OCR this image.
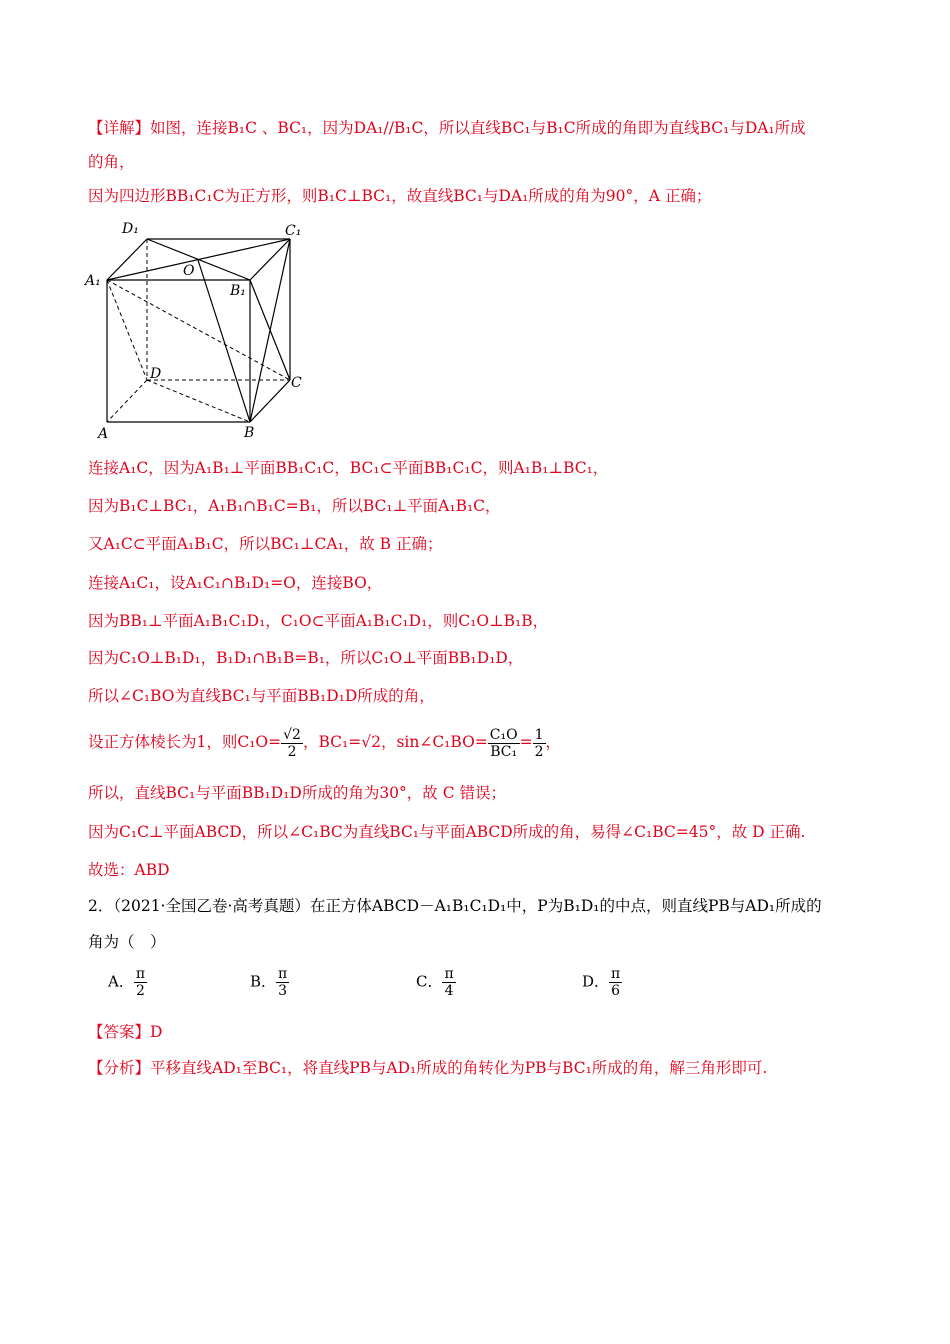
【详解】如图，连接B₁C 、BC₁，因为DA₁//B₁C，所以直线BC₁与B₁C所成的角即为直线BC₁与DA₁所成
的角，
因为四边形BB₁C₁C为正方形，则B₁C⊥BC₁，故直线BC₁与DA₁所成的角为90°，A 正确；
D₁	C₁
O
A₁
B₁
D
C
A	B
连接A₁C，因为A₁B₁⊥平面BB₁C₁C，BC₁⊂平面BB₁C₁C，则A₁B₁⊥BC₁，
因为B₁C⊥BC₁，A₁B₁∩B₁C=B₁，所以BC₁⊥平面A₁B₁C，
又A₁C⊂平面A₁B₁C，所以BC₁⊥CA₁，故 B 正确；
连接A₁C₁，设A₁C₁∩B₁D₁=O，连接BO，
因为BB₁⊥平面A₁B₁C₁D₁，C₁O⊂平面A₁B₁C₁D₁，则C₁O⊥B₁B，
因为C₁O⊥B₁D₁，B₁D₁∩B₁B=B₁，所以C₁O⊥平面BB₁D₁D，
所以∠C₁BO为直线BC₁与平面BB₁D₁D所成的角，
设正方体棱长为1，则$C_1O= \frac{√2}{2}$ ，BC₁=√2，sin∠C₁BO= $\frac{\text{C₁O}}{\text{BC₁}} = \frac{1}{2}$ ，
所以，直线BC₁与平面BB₁D₁D所成的角为30°，故 C 错误；
因为C₁C⊥平面ABCD，所以∠C₁BC为直线BC₁与平面ABCD所成的角，易得∠C₁BC=45°，故 D 正确.
故选：ABD
2．（2021·全国乙卷·高考真题）在正方体ABCD－A₁B₁C₁D₁中，P为B₁D₁的中点，则直线PB与AD₁所成的
角为（　）
A． $\frac{\pi}{2}$	B． $\frac{\pi}{3}$	C． $\frac{\pi}{4}$	D． $\frac{\pi}{6}$
【答案】D
【分析】平移直线AD₁至BC₁，将直线PB与AD₁所成的角转化为PB与BC₁所成的角，解三角形即可.
